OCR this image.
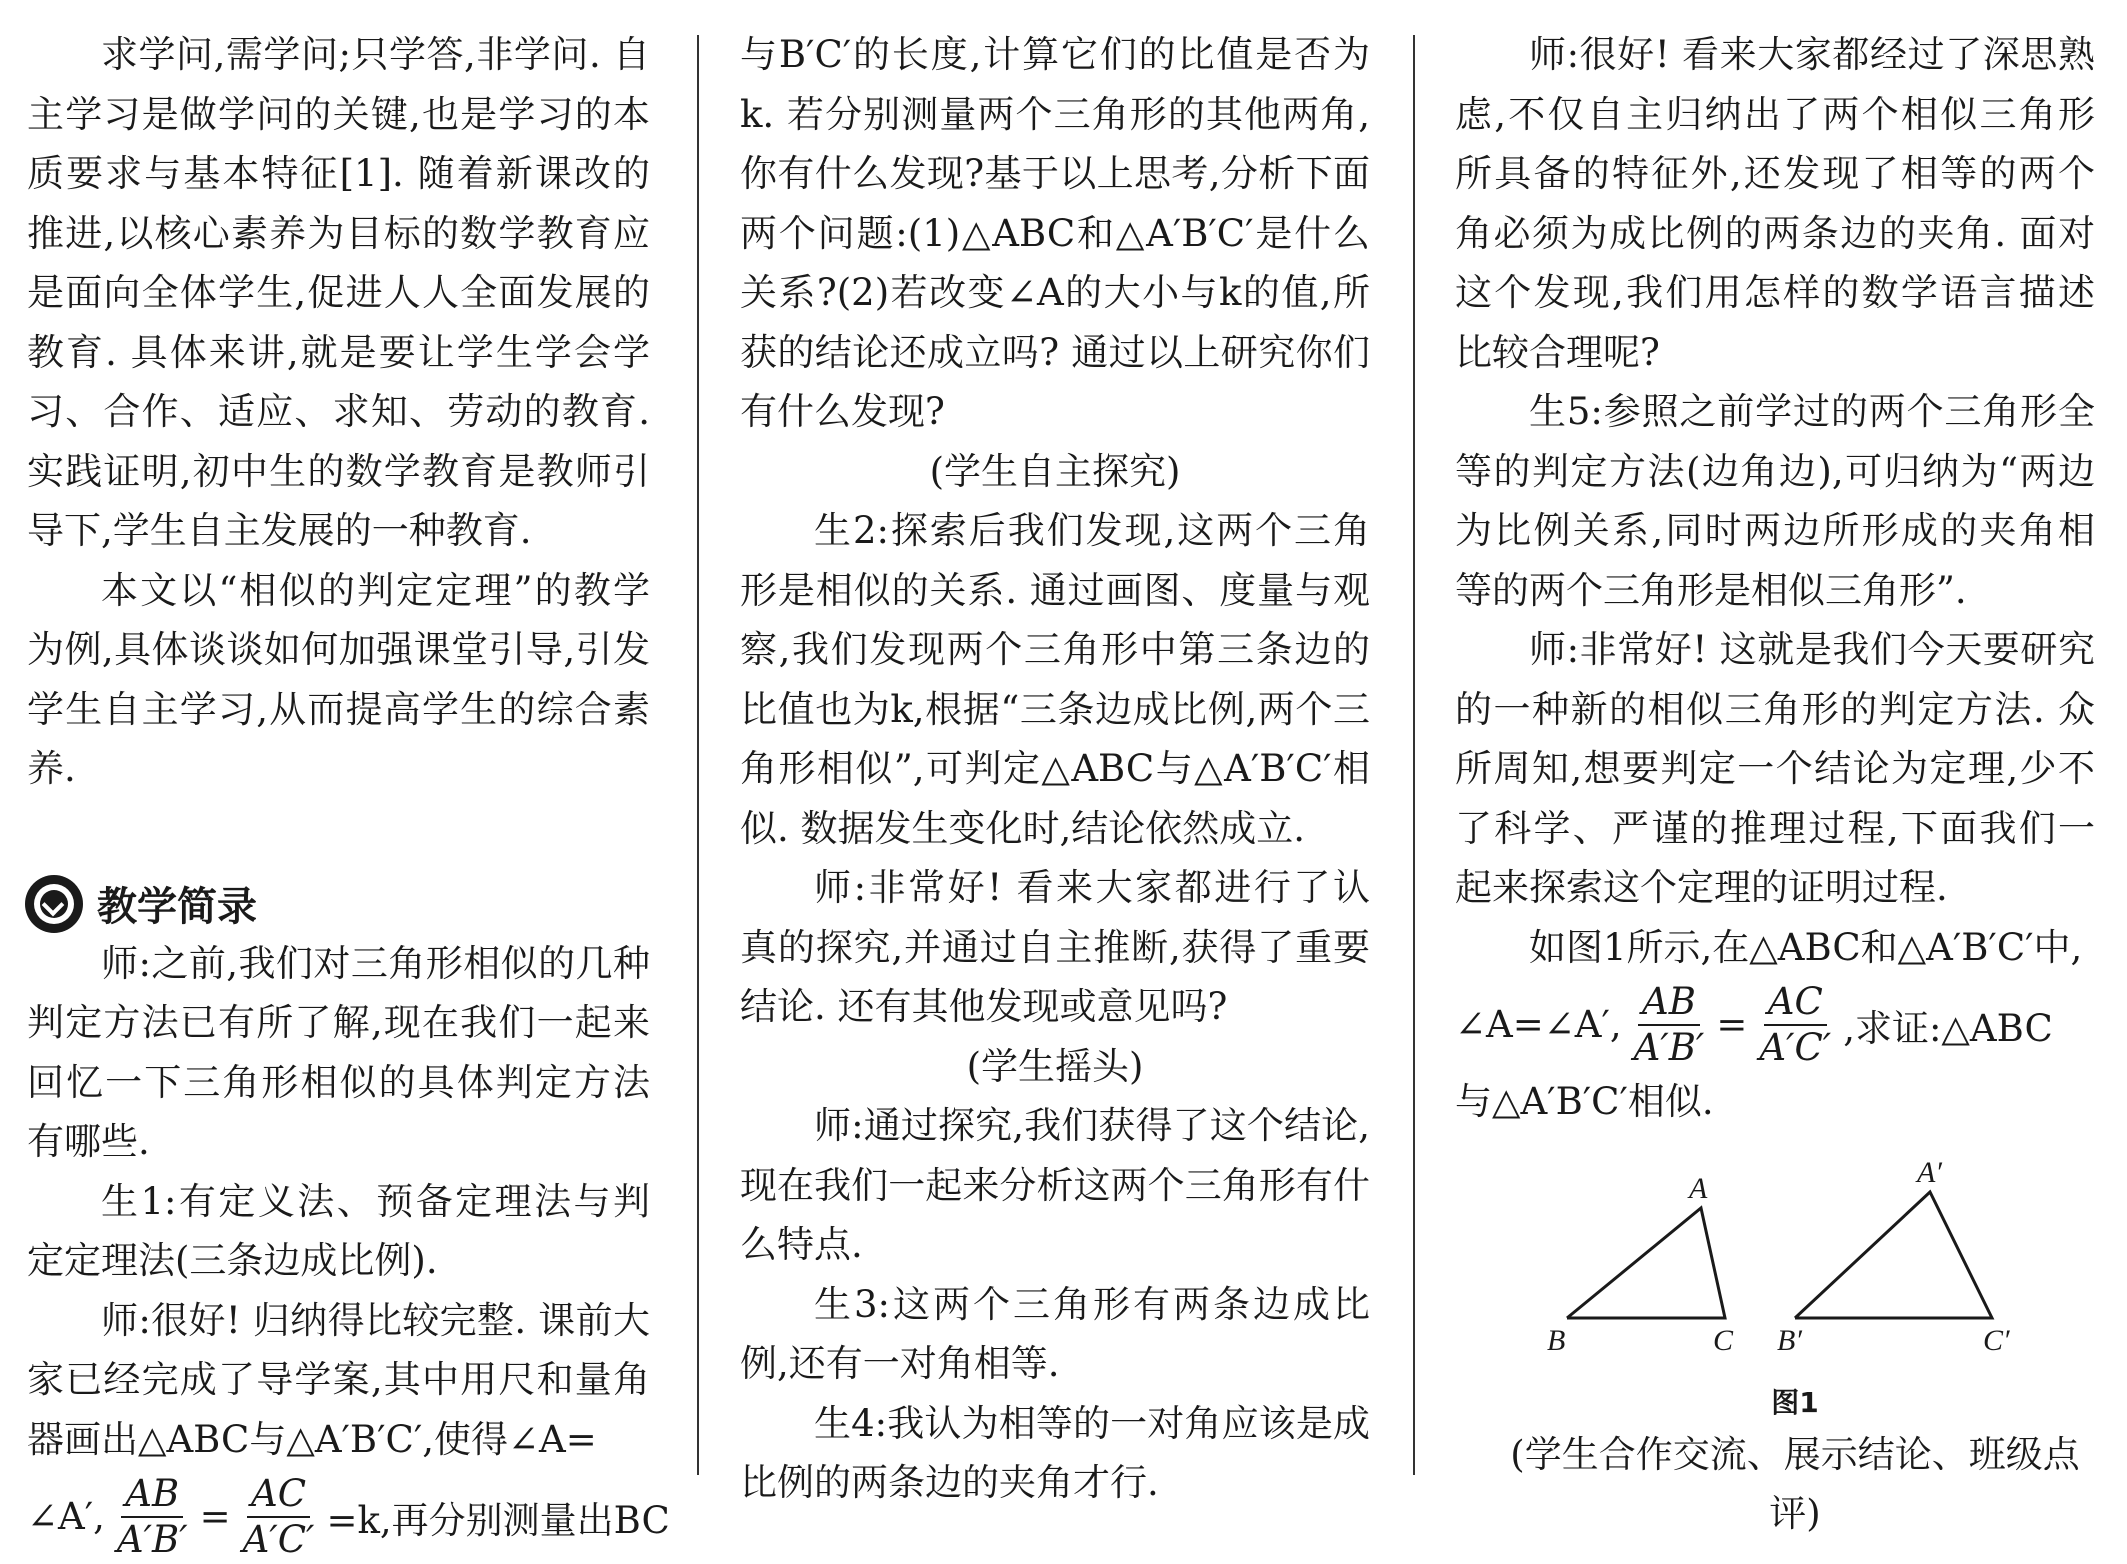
求学问,需学问;只学答,非学问. 自主学习是做学问的关键,也是学习的本质要求与基本特征[1]. 随着新课改的推进,以核心素养为目标的数学教育应是面向全体学生,促进人人全面发展的教育. 具体来讲,就是要让学生学会学习、合作、适应、求知、劳动的教育. 实践证明,初中生的数学教育是教师引导下,学生自主发展的一种教育.

本文以“相似的判定定理”的教学为例,具体谈谈如何加强课堂引导,引发学生自主学习,从而提高学生的综合素养.

教学简录

师:之前,我们对三角形相似的几种判定方法已有所了解,现在我们一起来回忆一下三角形相似的具体判定方法有哪些.

生1:有定义法、预备定理法与判定定理法(三条边成比例).

师:很好! 归纳得比较完整. 课前大家已经完成了导学案,其中用尺和量角器画出△ABC与△A′B′C′,使得∠A=

∠A′, $\frac{AB}{A'B'} = \frac{AC}{A'C'} =k$,再分别测量出BC

与B′C′的长度,计算它们的比值是否为k. 若分别测量两个三角形的其他两角,你有什么发现?基于以上思考,分析下面两个问题:(1)△ABC和△A′B′C′是什么关系?(2)若改变∠A的大小与k的值,所获的结论还成立吗? 通过以上研究你们有什么发现?

(学生自主探究)

生2:探索后我们发现,这两个三角形是相似的关系. 通过画图、度量与观察,我们发现两个三角形中第三条边的比值也为k,根据“三条边成比例,两个三角形相似”,可判定△ABC与△A′B′C′相似. 数据发生变化时,结论依然成立.

师:非常好! 看来大家都进行了认真的探究,并通过自主推断,获得了重要结论. 还有其他发现或意见吗?

(学生摇头)

师:通过探究,我们获得了这个结论,现在我们一起来分析这两个三角形有什么特点.

生3:这两个三角形有两条边成比例,还有一对角相等.

生4:我认为相等的一对角应该是成比例的两条边的夹角才行.

师:很好! 看来大家都经过了深思熟虑,不仅自主归纳出了两个相似三角形所具备的特征外,还发现了相等的两个角必须为成比例的两条边的夹角. 面对这个发现,我们用怎样的数学语言描述比较合理呢?

生5:参照之前学过的两个三角形全等的判定方法(边角边),可归纳为“两边为比例关系,同时两边所形成的夹角相等的两个三角形是相似三角形”.

师:非常好! 这就是我们今天要研究的一种新的相似三角形的判定方法. 众所周知,想要判定一个结论为定理,少不了科学、严谨的推理过程,下面我们一起来探索这个定理的证明过程.

如图1所示,在△ABC和△A′B′C′中,

∠A=∠A′, $\frac{AB}{A'B'} = \frac{AC}{A'C'}$ ,求证:△ABC

与△A′B′C′相似.

A
B	C
A′
B′	C′
图1

(学生合作交流、展示结论、班级点评)
